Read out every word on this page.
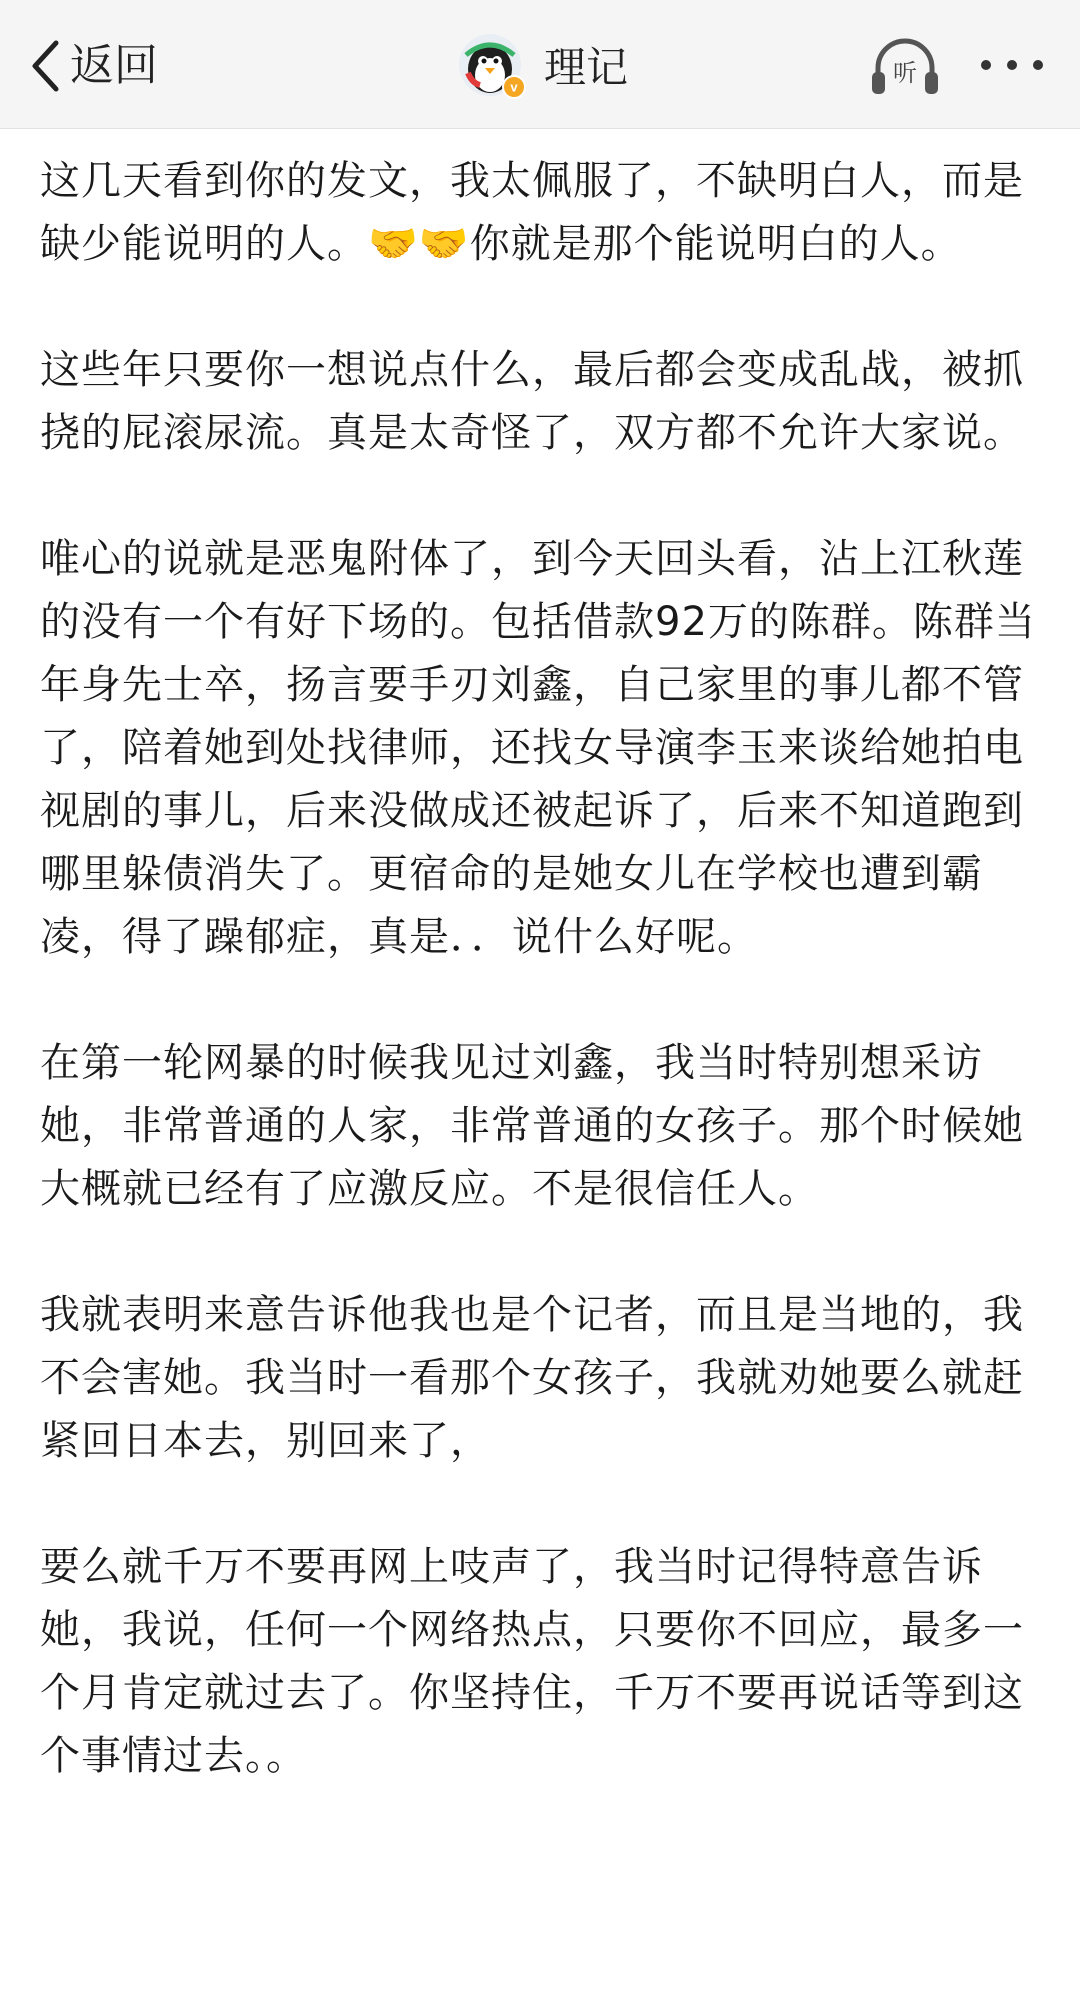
返回	v 理记	听

这几天看到你的发文，我太佩服了，不缺明白人，而是缺少能说明的人。🤝🤝你就是那个能说明白的人。

这些年只要你一想说点什么，最后都会变成乱战，被抓挠的屁滚尿流。真是太奇怪了，双方都不允许大家说。

唯心的说就是恶鬼附体了，到今天回头看，沾上江秋莲的没有一个有好下场的。包括借款92万的陈群。陈群当年身先士卒，扬言要手刃刘鑫，自己家里的事儿都不管了，陪着她到处找律师，还找女导演李玉来谈给她拍电视剧的事儿，后来没做成还被起诉了，后来不知道跑到哪里躲债消失了。更宿命的是她女儿在学校也遭到霸凌，得了躁郁症，真是．．说什么好呢。

在第一轮网暴的时候我见过刘鑫，我当时特别想采访她，非常普通的人家，非常普通的女孩子。那个时候她大概就已经有了应激反应。不是很信任人。

我就表明来意告诉他我也是个记者，而且是当地的，我不会害她。我当时一看那个女孩子，我就劝她要么就赶紧回日本去，别回来了，

要么就千万不要再网上吱声了，我当时记得特意告诉她，我说，任何一个网络热点，只要你不回应，最多一个月肯定就过去了。你坚持住，千万不要再说话等到这个事情过去。。
